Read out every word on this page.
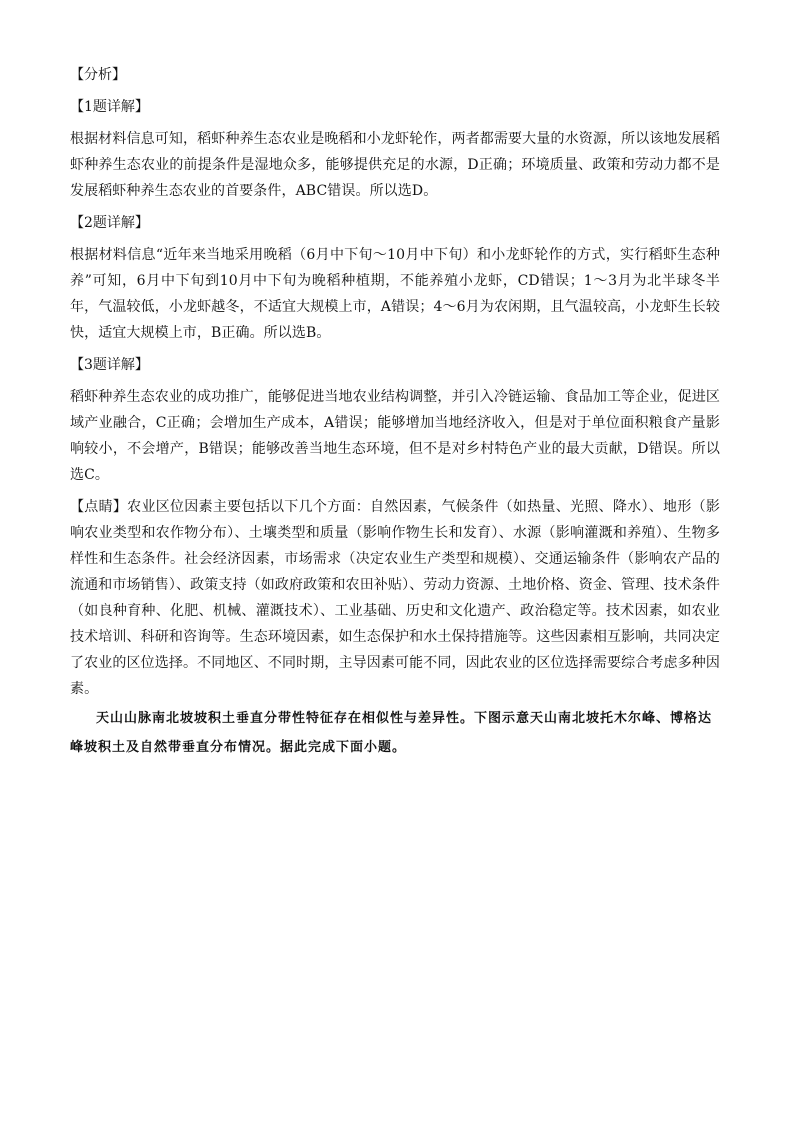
【分析】

【1题详解】

根据材料信息可知，稻虾种养生态农业是晚稻和小龙虾轮作，两者都需要大量的水资源，所以该地发展稻虾种养生态农业的前提条件是湿地众多，能够提供充足的水源，D正确；环境质量、政策和劳动力都不是发展稻虾种养生态农业的首要条件，ABC错误。所以选D。

【2题详解】

根据材料信息“近年来当地采用晚稻（6月中下旬～10月中下旬）和小龙虾轮作的方式，实行稻虾生态种养”可知，6月中下旬到10月中下旬为晚稻种植期，不能养殖小龙虾，CD错误；1～3月为北半球冬半年，气温较低，小龙虾越冬，不适宜大规模上市，A错误；4～6月为农闲期，且气温较高，小龙虾生长较快，适宜大规模上市，B正确。所以选B。

【3题详解】

稻虾种养生态农业的成功推广，能够促进当地农业结构调整，并引入冷链运输、食品加工等企业，促进区域产业融合，C正确；会增加生产成本，A错误；能够增加当地经济收入，但是对于单位面积粮食产量影响较小，不会增产，B错误；能够改善当地生态环境，但不是对乡村特色产业的最大贡献，D错误。所以选C。

【点睛】农业区位因素主要包括以下几个方面：自然因素，气候条件（如热量、光照、降水）、地形（影响农业类型和农作物分布）、土壤类型和质量（影响作物生长和发育）、水源（影响灌溉和养殖）、生物多样性和生态条件。社会经济因素，市场需求（决定农业生产类型和规模）、交通运输条件（影响农产品的流通和市场销售）、政策支持（如政府政策和农田补贴）、劳动力资源、土地价格、资金、管理、技术条件（如良种育种、化肥、机械、灌溉技术）、工业基础、历史和文化遗产、政治稳定等。技术因素，如农业技术培训、科研和咨询等。生态环境因素，如生态保护和水土保持措施等。这些因素相互影响，共同决定了农业的区位选择。不同地区、不同时期，主导因素可能不同，因此农业的区位选择需要综合考虑多种因素。

天山山脉南北坡坡积土垂直分带性特征存在相似性与差异性。下图示意天山南北坡托木尔峰、博格达峰坡积土及自然带垂直分布情况。据此完成下面小题。
